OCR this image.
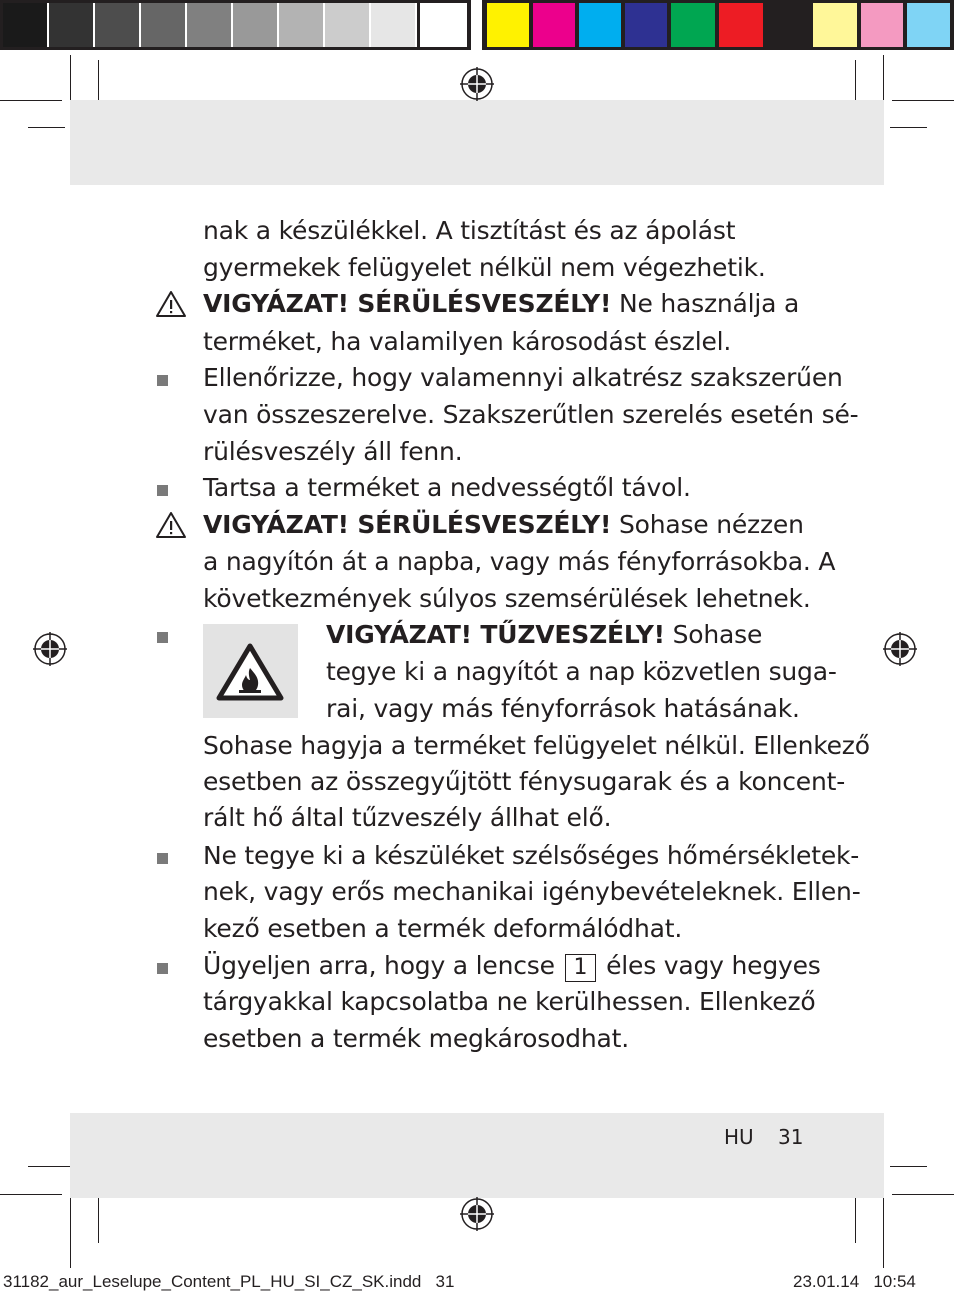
nak a készülékkel. A tisztítást és az ápolást
gyermekek felügyelet nélkül nem végezhetik.
VIGYÁZAT! SÉRÜLÉSVESZÉLY! Ne használja a
terméket, ha valamilyen károsodást észlel.
Ellenőrizze, hogy valamennyi alkatrész szakszerűen
van összeszerelve. Szakszerűtlen szerelés esetén sé-
rülésveszély áll fenn.
Tartsa a terméket a nedvességtől távol.
VIGYÁZAT! SÉRÜLÉSVESZÉLY! Sohase nézzen
a nagyítón át a napba, vagy más fényforrásokba. A
következmények súlyos szemsérülések lehetnek.
VIGYÁZAT! TŰZVESZÉLY! Sohase
tegye ki a nagyítót a nap közvetlen suga-
rai, vagy más fényforrások hatásának.
Sohase hagyja a terméket felügyelet nélkül. Ellenkező
esetben az összegyűjtött fénysugarak és a koncent-
rált hő által tűzveszély állhat elő.
Ne tegye ki a készüléket szélsőséges hőmérsékletek-
nek, vagy erős mechanikai igénybevételeknek. Ellen-
kező esetben a termék deformálódhat.
Ügyeljen arra, hogy a lencse 1 éles vagy hegyes
tárgyakkal kapcsolatba ne kerülhessen. Ellenkező
esetben a termék megkárosodhat.
HU 31
31182_aur_Leselupe_Content_PL_HU_SI_CZ_SK.indd   31	23.01.14   10:54
